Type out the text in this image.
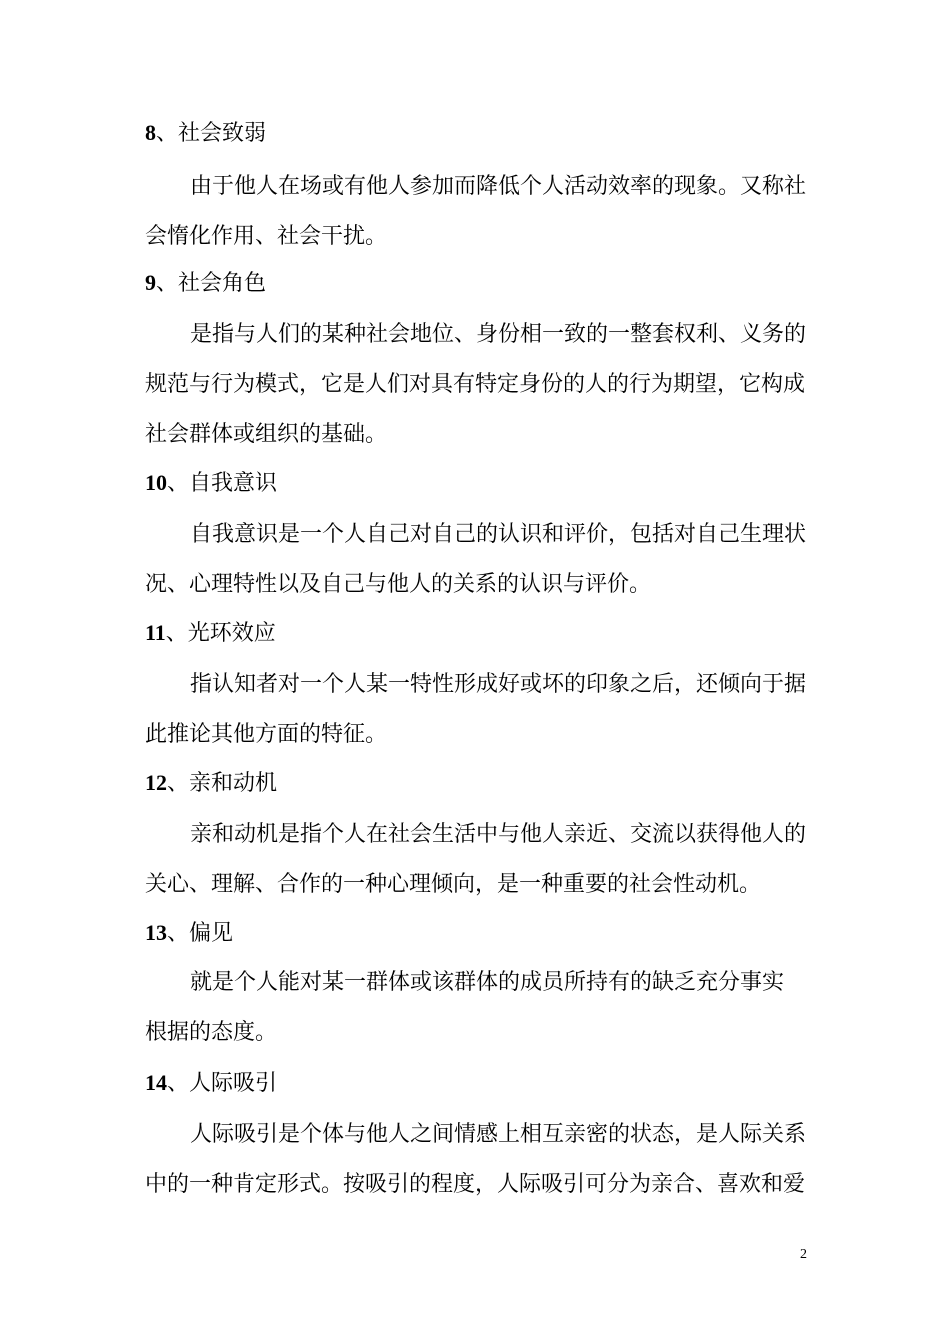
8、社会致弱
由于他人在场或有他人参加而降低个人活动效率的现象。又称社
会惰化作用、社会干扰。
9、社会角色
是指与人们的某种社会地位、身份相一致的一整套权利、义务的
规范与行为模式，它是人们对具有特定身份的人的行为期望，它构成
社会群体或组织的基础。
10、自我意识
自我意识是一个人自己对自己的认识和评价，包括对自己生理状
况、心理特性以及自己与他人的关系的认识与评价。
11、光环效应
指认知者对一个人某一特性形成好或坏的印象之后，还倾向于据
此推论其他方面的特征。
12、亲和动机
亲和动机是指个人在社会生活中与他人亲近、交流以获得他人的
关心、理解、合作的一种心理倾向，是一种重要的社会性动机。
13、偏见
就是个人能对某一群体或该群体的成员所持有的缺乏充分事实
根据的态度。
14、人际吸引
人际吸引是个体与他人之间情感上相互亲密的状态，是人际关系
中的一种肯定形式。按吸引的程度，人际吸引可分为亲合、喜欢和爱
2
